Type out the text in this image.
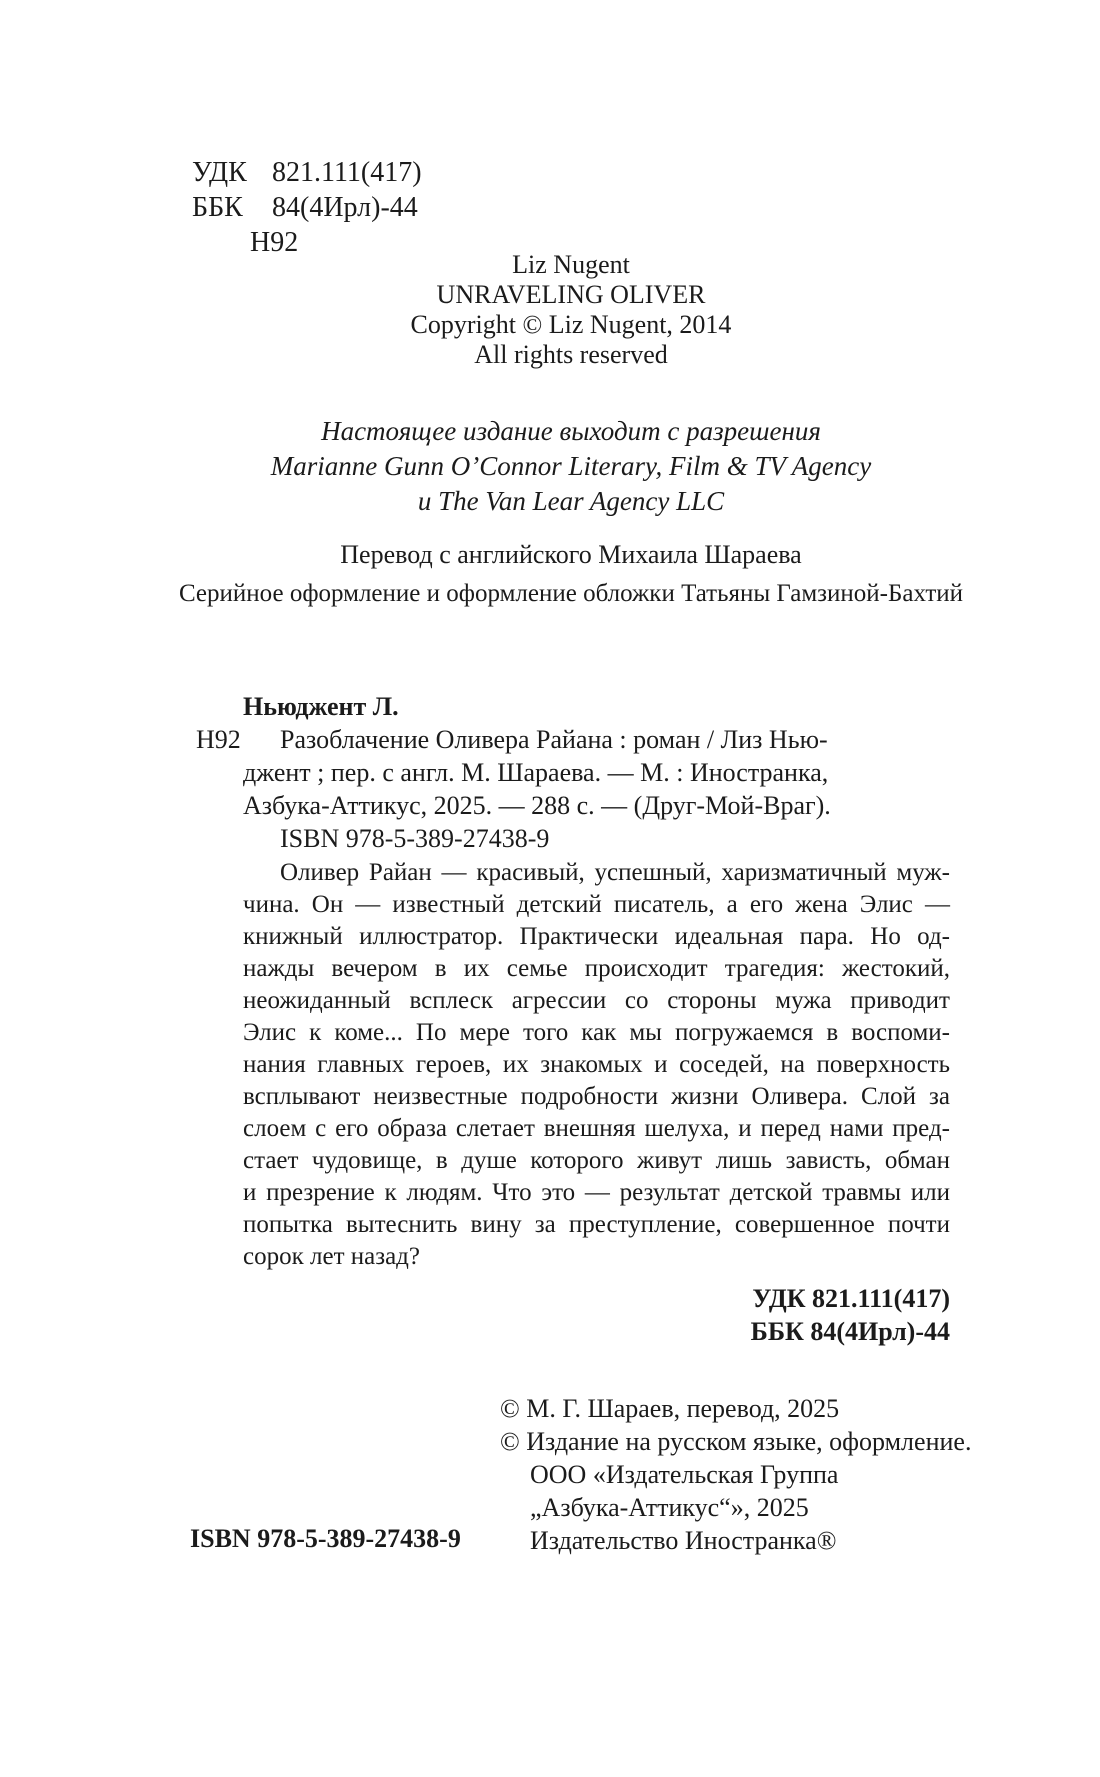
УДК 821.111(417)
ББК 84(4Ирл)-44
Н92
Liz Nugent
UNRAVELING OLIVER
Copyright © Liz Nugent, 2014
All rights reserved
Настоящее издание выходит с разрешения
Marianne Gunn O’Connor Literary, Film & TV Agency
и The Van Lear Agency LLC
Перевод с английского Михаила Шараева
Серийное оформление и оформление обложки Татьяны Гамзиной-Бахтий
Ньюджент Л.
Н92	Разоблачение Оливера Райана : роман / Лиз Нью-
джент ; пер. с англ. М. Шараева. — М. : Иностранка,
Азбука-Аттикус, 2025. — 288 с. — (Друг-Мой-Враг).
ISBN 978-5-389-27438-9
Оливер Райан — красивый, успешный, харизматичный муж-
чина. Он — известный детский писатель, а его жена Элис —
книжный иллюстратор. Практически идеальная пара. Но од-
нажды вечером в их семье происходит трагедия: жестокий,
неожиданный всплеск агрессии со стороны мужа приводит
Элис к коме... По мере того как мы погружаемся в воспоми-
нания главных героев, их знакомых и соседей, на поверхность
всплывают неизвестные подробности жизни Оливера. Слой за
слоем с его образа слетает внешняя шелуха, и перед нами пред-
стает чудовище, в душе которого живут лишь зависть, обман
и презрение к людям. Что это — результат детской травмы или
попытка вытеснить вину за преступление, совершенное почти
сорок лет назад?
УДК 821.111(417)
ББК 84(4Ирл)-44
© М. Г. Шараев, перевод, 2025
© Издание на русском языке, оформление.
ООО «Издательская Группа
„Азбука-Аттикус“», 2025
Издательство Иностранка®
ISBN 978-5-389-27438-9
